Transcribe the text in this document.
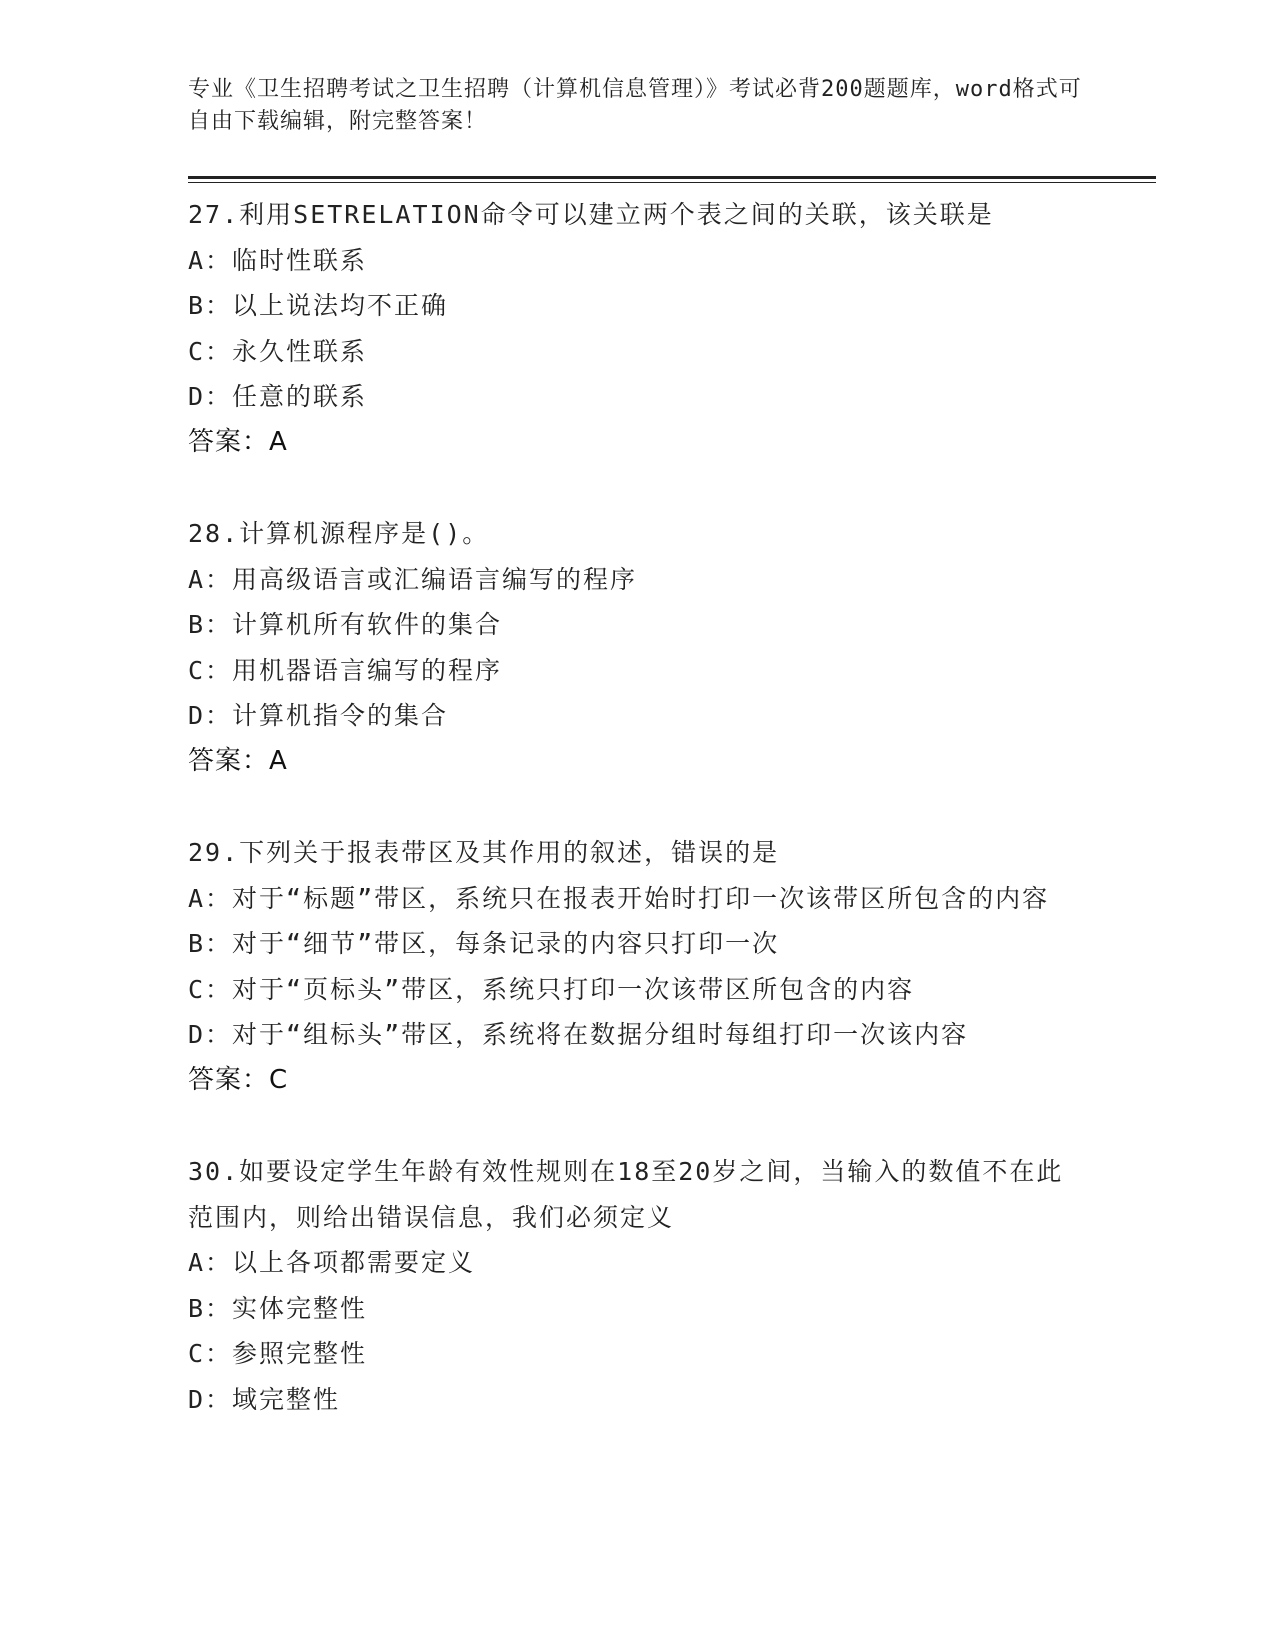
专业《卫生招聘考试之卫生招聘（计算机信息管理）》考试必背200题题库，word格式可自由下载编辑，附完整答案！
27.利用SETRELATION命令可以建立两个表之间的关联，该关联是
A：临时性联系
B：以上说法均不正确
C：永久性联系
D：任意的联系
答案：A
28.计算机源程序是()。
A：用高级语言或汇编语言编写的程序
B：计算机所有软件的集合
C：用机器语言编写的程序
D：计算机指令的集合
答案：A
29.下列关于报表带区及其作用的叙述，错误的是
A：对于“标题”带区，系统只在报表开始时打印一次该带区所包含的内容
B：对于“细节”带区，每条记录的内容只打印一次
C：对于“页标头”带区，系统只打印一次该带区所包含的内容
D：对于“组标头”带区，系统将在数据分组时每组打印一次该内容
答案：C
30.如要设定学生年龄有效性规则在18至20岁之间，当输入的数值不在此范围内，则给出错误信息，我们必须定义
A：以上各项都需要定义
B：实体完整性
C：参照完整性
D：域完整性
